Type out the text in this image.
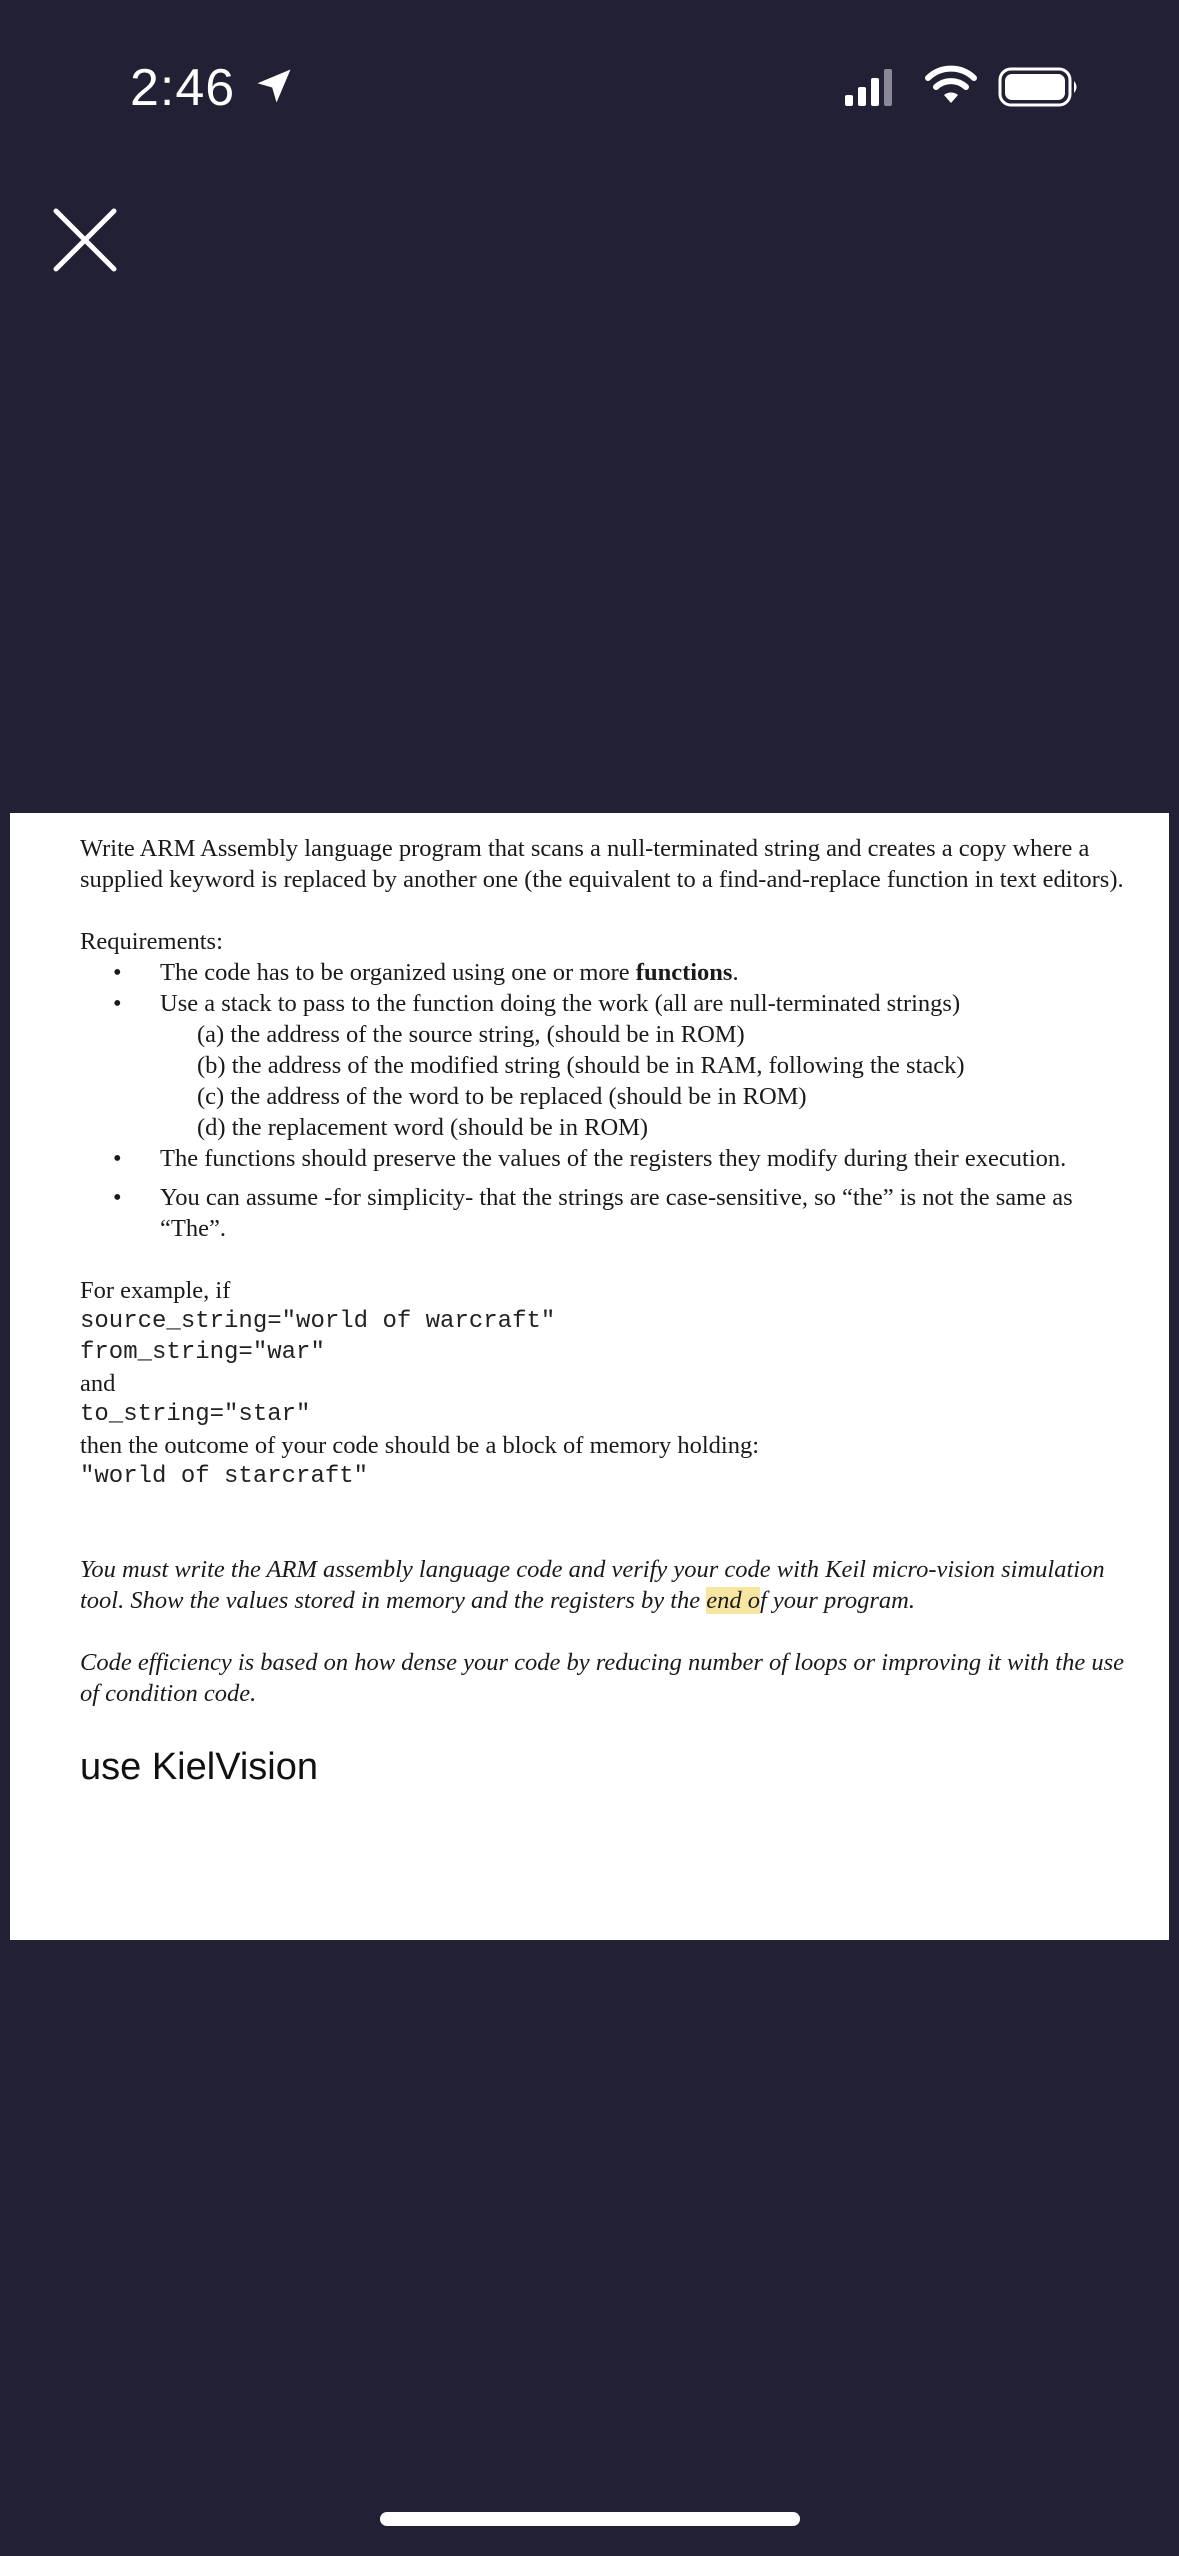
2:46

Write ARM Assembly language program that scans a null-terminated string and creates a copy where a supplied keyword is replaced by another one (the equivalent to a find-and-replace function in text editors).

Requirements:

• The code has to be organized using one or more functions.
• Use a stack to pass to the function doing the work (all are null-terminated strings)

(a) the address of the source string, (should be in ROM)

(b) the address of the modified string (should be in RAM, following the stack)

(c) the address of the word to be replaced (should be in ROM)

(d) the replacement word (should be in ROM)

• The functions should preserve the values of the registers they modify during their execution.
• You can assume -for simplicity- that the strings are case-sensitive, so “the” is not the same as “The”.

For example, if

source_string="world of warcraft"

from_string="war"

and

to_string="star"

then the outcome of your code should be a block of memory holding:

"world of starcraft"

You must write the ARM assembly language code and verify your code with Keil micro-vision simulation tool. Show the values stored in memory and the registers by the end of your program.

Code efficiency is based on how dense your code by reducing number of loops or improving it with the use of condition code.

use KielVision
